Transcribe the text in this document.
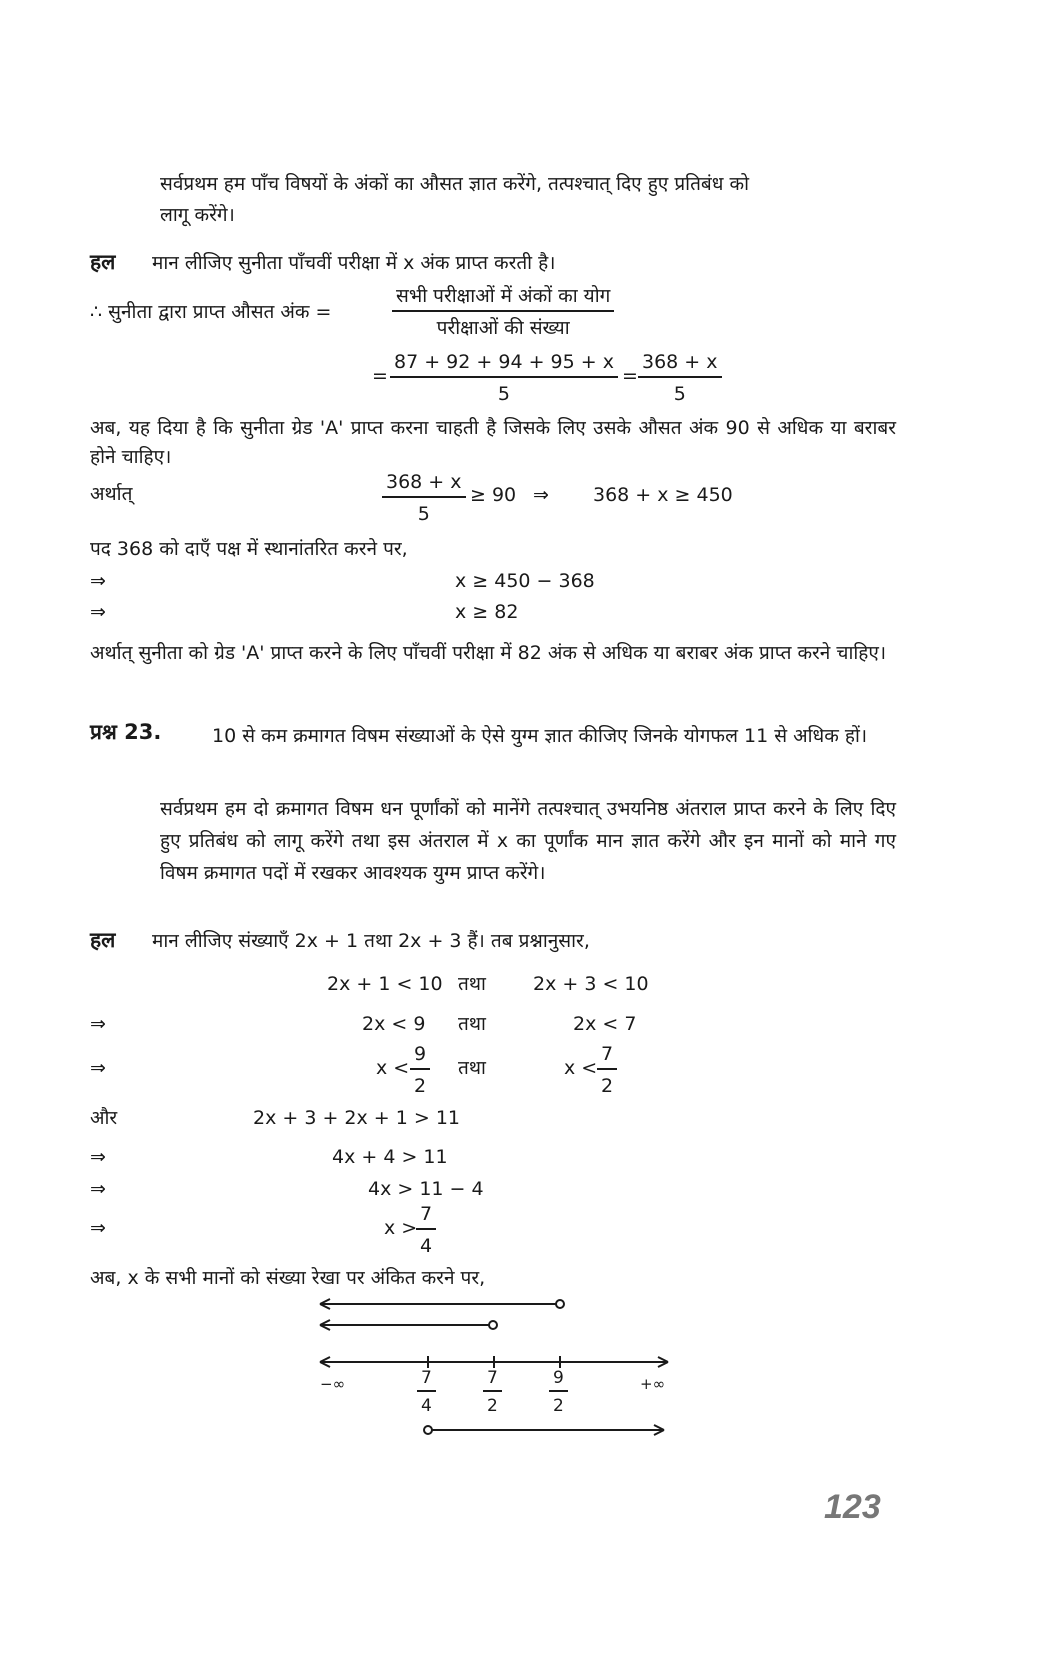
सर्वप्रथम हम पाँच विषयों के अंकों का औसत ज्ञात करेंगे, तत्पश्चात् दिए हुए प्रतिबंध को
लागू करेंगे।
हल मान लीजिए सुनीता पाँचवीं परीक्षा में x अंक प्राप्त करती है।
∴ सुनीता द्वारा प्राप्त औसत अंक =
सभी परीक्षाओं में अंकों का योग
परीक्षाओं की संख्या
= $\frac{87 + 92 + 94 + 95 + x}{5} = \frac{368 + x}{5}$
अब, यह दिया है कि सुनीता ग्रेड 'A' प्राप्त करना चाहती है जिसके लिए उसके औसत अंक 90 से अधिक या बराबर होने चाहिए।
अर्थात्	$\frac{368 + x}{5} \ge 90$ ⇒ 368 + x ≥ 450
पद 368 को दाएँ पक्ष में स्थानांतरित करने पर,
⇒	x ≥ 450 − 368
⇒	x ≥ 82
अर्थात् सुनीता को ग्रेड 'A' प्राप्त करने के लिए पाँचवीं परीक्षा में 82 अंक से अधिक या बराबर अंक प्राप्त करने चाहिए।
प्रश्न 23.	10 से कम क्रमागत विषम संख्याओं के ऐसे युग्म ज्ञात कीजिए जिनके योगफल 11 से अधिक हों।
सर्वप्रथम हम दो क्रमागत विषम धन पूर्णांकों को मानेंगे तत्पश्चात् उभयनिष्ठ अंतराल प्राप्त करने के लिए दिए हुए प्रतिबंध को लागू करेंगे तथा इस अंतराल में x का पूर्णांक मान ज्ञात करेंगे और इन मानों को माने गए विषम क्रमागत पदों में रखकर आवश्यक युग्म प्राप्त करेंगे।
हल मान लीजिए संख्याएँ 2x + 1 तथा 2x + 3 हैं। तब प्रश्नानुसार,
2x + 1 < 10 तथा 2x + 3 < 10
⇒	2x < 9 तथा	2x < 7
⇒	$x < \frac{9}{2}$ तथा	$x < \frac{7}{2}$
और	2x + 3 + 2x + 1 > 11
⇒	4x + 4 > 11
⇒	4x > 11 − 4
⇒	x >
$\frac{7}{4}$
अब, x के सभी मानों को संख्या रेखा पर अंकित करने पर,
−∞	$\frac{7}{4}$	$\frac{7}{2}$	$\frac{9}{2}$	+∞
123
